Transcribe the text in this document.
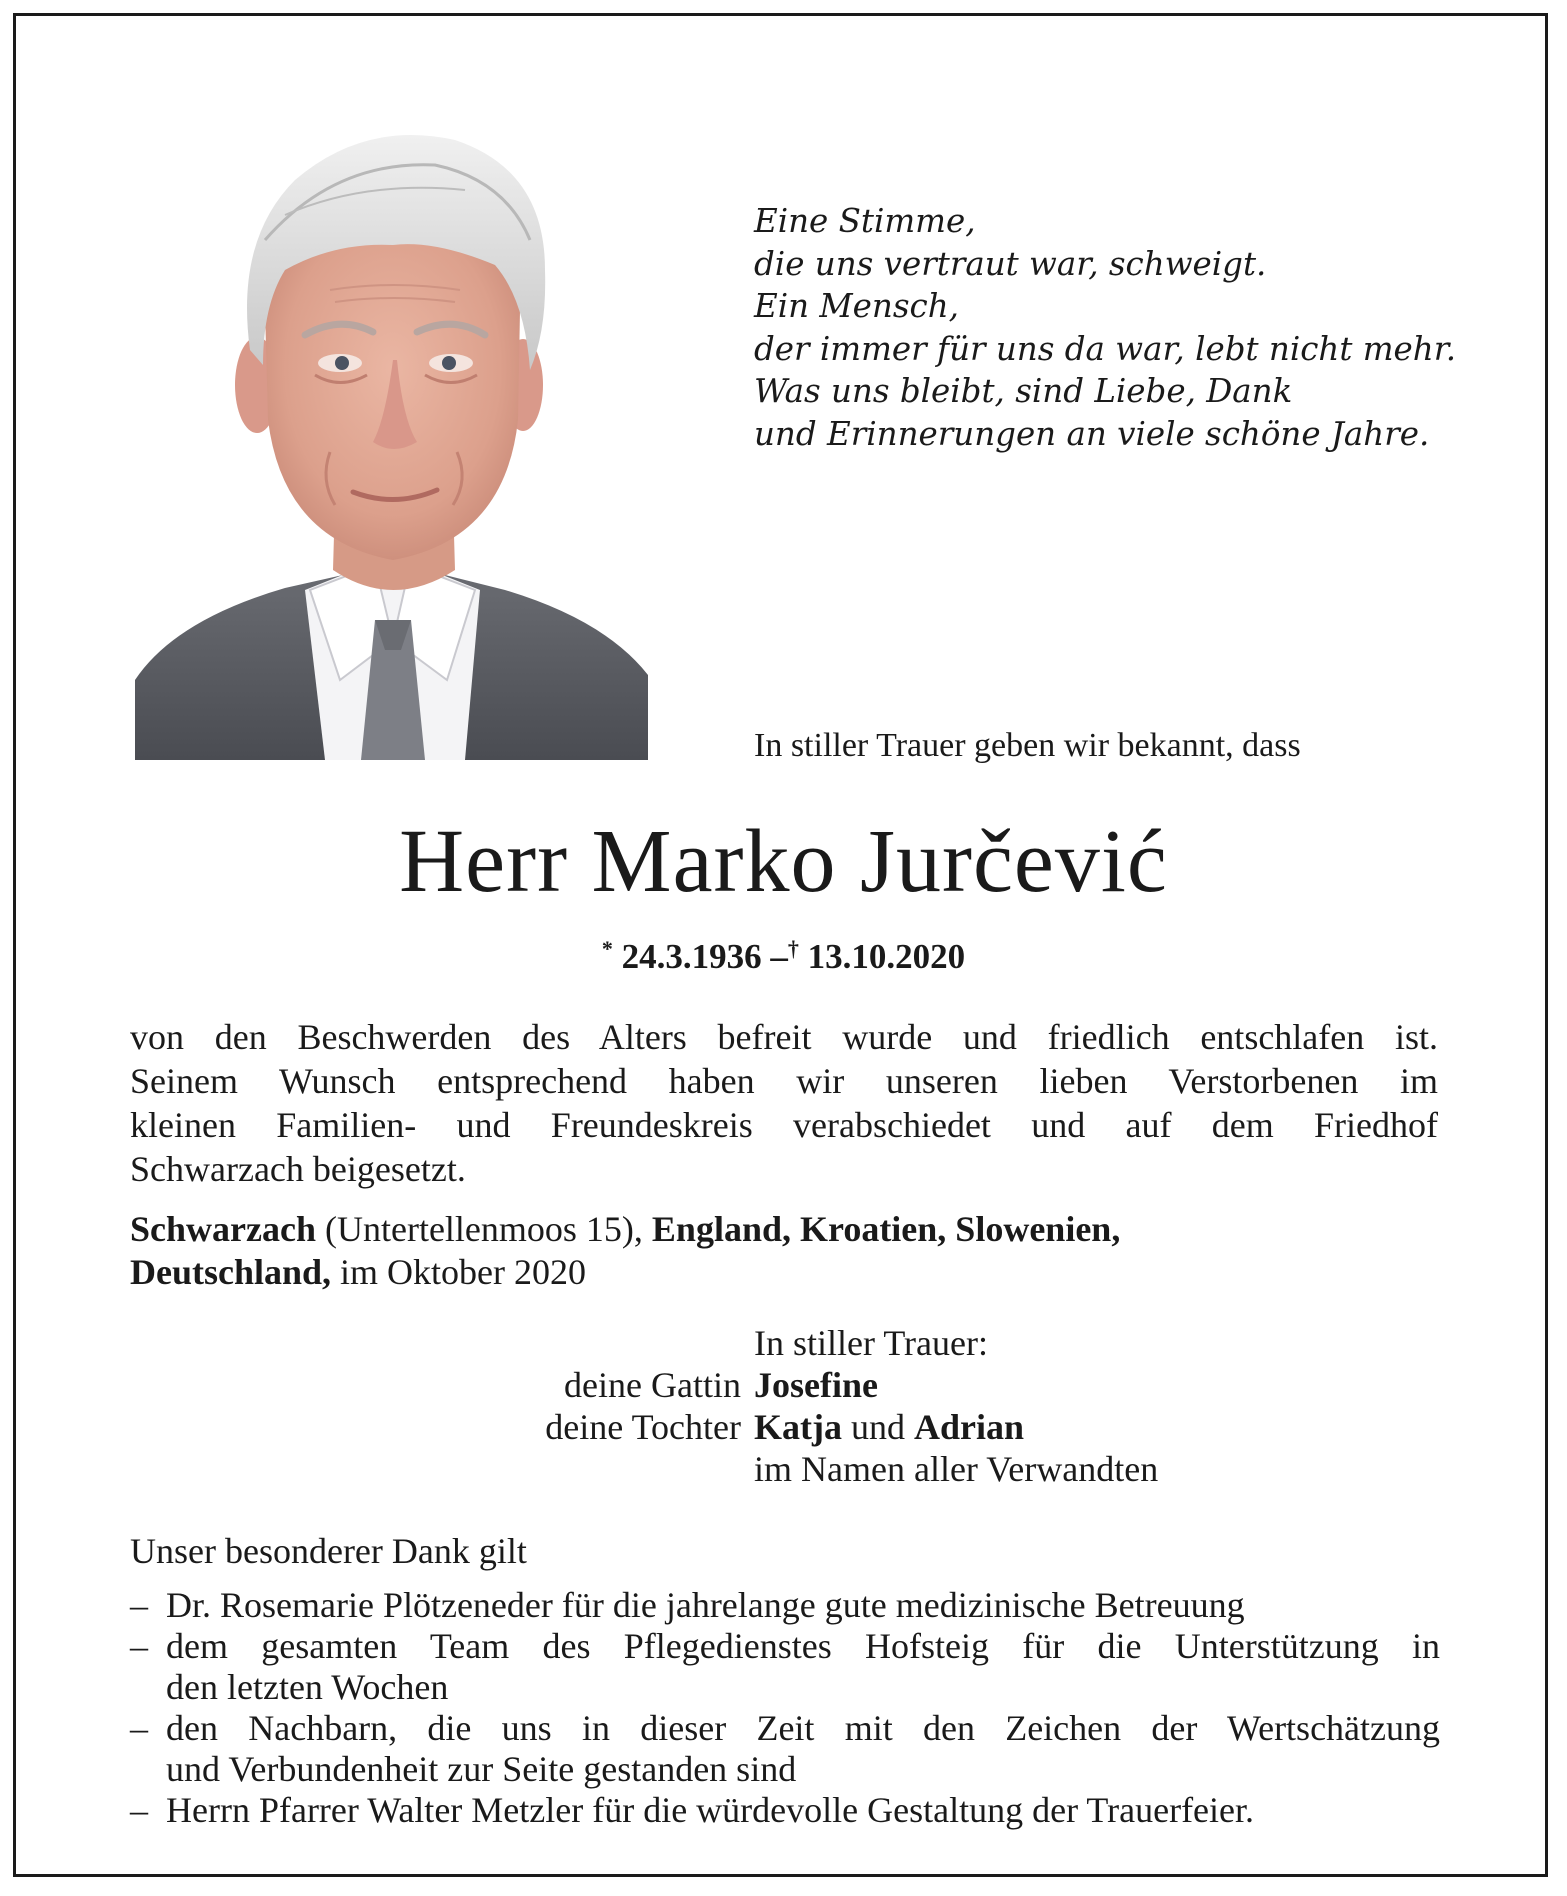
Eine Stimme,
die uns vertraut war, schweigt.
Ein Mensch,
der immer für uns da war, lebt nicht mehr.
Was uns bleibt, sind Liebe, Dank
und Erinnerungen an viele schöne Jahre.
In stiller Trauer geben wir bekannt, dass
Herr Marko Jurčević
* 24.3.1936 –† 13.10.2020
von den Beschwerden des Alters befreit wurde und friedlich entschlafen ist.
Seinem Wunsch entsprechend haben wir unseren lieben Verstorbenen im
kleinen Familien- und Freundeskreis verabschiedet und auf dem Friedhof
Schwarzach beigesetzt.
Schwarzach (Untertellenmoos 15), England, Kroatien, Slowenien,
Deutschland, im Oktober 2020
In stiller Trauer:
deine Gattin Josefine
deine Tochter Katja und Adrian
im Namen aller Verwandten
Unser besonderer Dank gilt
– Dr. Rosemarie Plötzeneder für die jahrelange gute medizinische Betreuung
– dem gesamten Team des Pflegedienstes Hofsteig für die Unterstützung in
den letzten Wochen
– den Nachbarn, die uns in dieser Zeit mit den Zeichen der Wertschätzung
und Verbundenheit zur Seite gestanden sind
– Herrn Pfarrer Walter Metzler für die würdevolle Gestaltung der Trauerfeier.
